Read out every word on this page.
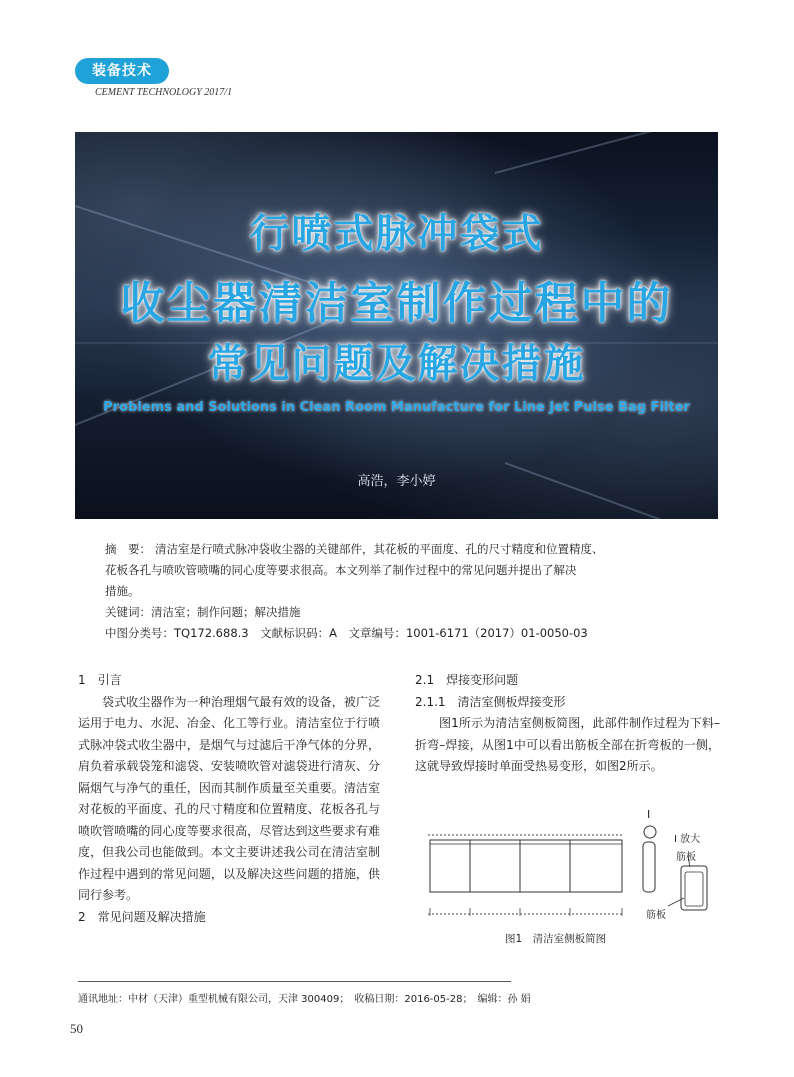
装备技术
CEMENT TECHNOLOGY 2017/1
行喷式脉冲袋式
收尘器清洁室制作过程中的
常见问题及解决措施
Problems and Solutions in Clean Room Manufacture for Line Jet Pulse Bag Filter
高浩，李小婷
摘　要： 清洁室是行喷式脉冲袋收尘器的关键部件，其花板的平面度、孔的尺寸精度和位置精度、
花板各孔与喷吹管喷嘴的同心度等要求很高。本文列举了制作过程中的常见问题并提出了解决
措施。
关键词：清洁室；制作问题；解决措施
中图分类号：TQ172.688.3　文献标识码：A　文章编号：1001-6171（2017）01-0050-03
1　引言
袋式收尘器作为一种治理烟气最有效的设备，被广泛运用于电力、水泥、冶金、化工等行业。清洁室位于行喷式脉冲袋式收尘器中，是烟气与过滤后干净气体的分界，肩负着承载袋笼和滤袋、安装喷吹管对滤袋进行清灰、分隔烟气与净气的重任，因而其制作质量至关重要。清洁室对花板的平面度、孔的尺寸精度和位置精度、花板各孔与喷吹管喷嘴的同心度等要求很高，尽管达到这些要求有难度，但我公司也能做到。本文主要讲述我公司在清洁室制作过程中遇到的常见问题，以及解决这些问题的措施，供同行参考。
2　常见问题及解决措施
2.1　焊接变形问题
2.1.1　清洁室侧板焊接变形
图1所示为清洁室侧板简图，此部件制作过程为下料–折弯–焊接，从图1中可以看出筋板全部在折弯板的一侧，这就导致焊接时单面受热易变形，如图2所示。
I
I 放大
筋板
筋板
图1　清洁室侧板简图
通讯地址：中材（天津）重型机械有限公司，天津 300409；　收稿日期：2016-05-28；　编辑：孙 娟
50
